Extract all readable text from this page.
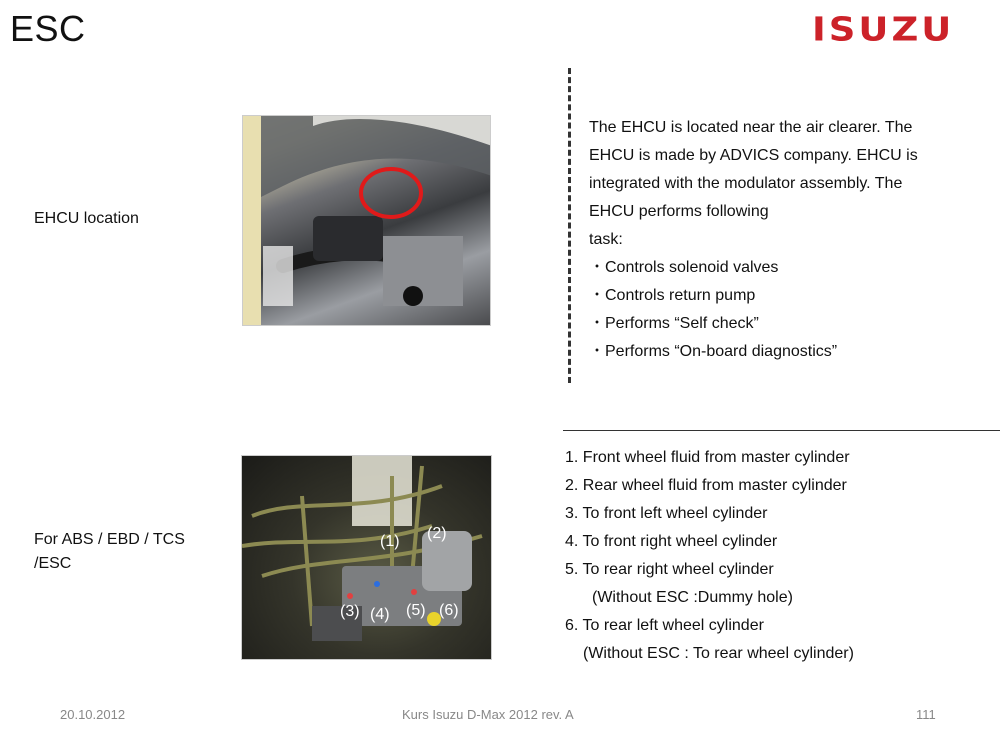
ESC	ISUZU
EHCU location
The EHCU is located near the air clearer. The
EHCU is made by ADVICS company. EHCU is
integrated with the modulator assembly. The
EHCU performs following
task:
・Controls solenoid valves
・Controls return pump
・Performs “Self check”
・Performs “On-board diagnostics”
For ABS / EBD / TCS
/ESC
(1) (2)
(3) (4) (5) (6)
1. Front wheel fluid from master cylinder
2. Rear wheel fluid from master cylinder
3. To front left wheel cylinder
4. To front right wheel cylinder
5. To rear right wheel cylinder
(Without ESC :Dummy hole)
6. To rear left wheel cylinder
(Without ESC : To rear wheel cylinder)
20.10.2012	Kurs Isuzu D-Max 2012 rev. A	111
